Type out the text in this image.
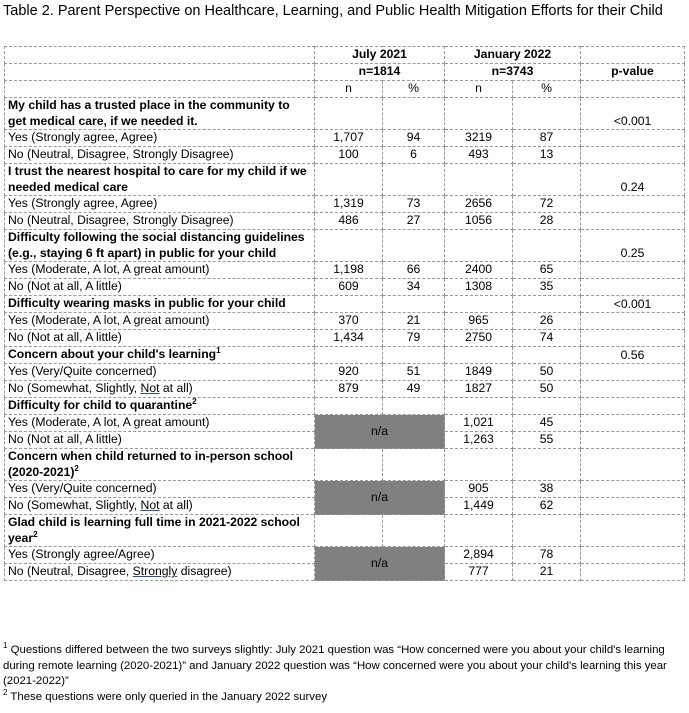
Table 2. Parent Perspective on Healthcare, Learning, and Public Health Mitigation Efforts for their Child
	July 2021		January 2022		
	n=1814		n=3743		p-value
	n	%	n	%	
My child has a trusted place in the community to get medical care, if we needed it.					<0.001
Yes (Strongly agree, Agree)	1,707	94	3219	87	
No (Neutral, Disagree, Strongly Disagree)	100	6	493	13	
I trust the nearest hospital to care for my child if we needed medical care					0.24
Yes (Strongly agree, Agree)	1,319	73	2656	72	
No (Neutral, Disagree, Strongly Disagree)	486	27	1056	28	
Difficulty following the social distancing guidelines (e.g., staying 6 ft apart) in public for your child					0.25
Yes (Moderate, A lot, A great amount)	1,198	66	2400	65	
No (Not at all, A little)	609	34	1308	35	
Difficulty wearing masks in public for your child					<0.001
Yes (Moderate, A lot, A great amount)	370	21	965	26	
No (Not at all, A little)	1,434	79	2750	74	
Concern about your child's learning$^1$					0.56
Yes (Very/Quite concerned)	920	51	1849	50	
No (Somewhat, Slightly, Not at all)	879	49	1827	50	
Difficulty for child to quarantine$^2$					
Yes (Moderate, A lot, A great amount)	n/a		1,021	45	
No (Not at all, A little)			1,263	55	
Concern when child returned to in-person school (2020-2021)$^2$					
Yes (Very/Quite concerned)	n/a		905	38	
No (Somewhat, Slightly, Not at all)			1,449	62	
Glad child is learning full time in 2021-2022 school year$^2$					
Yes (Strongly agree/Agree)	n/a		2,894	78	
No (Neutral, Disagree, Strongly disagree)			777	21	
$^1$ Questions differed between the two surveys slightly: July 2021 question was “How concerned were you about your child's learning during remote learning (2020-2021)” and January 2022 question was “How concerned were you about your child's learning this year (2021-2022)”
$^2$ These questions were only queried in the January 2022 survey
